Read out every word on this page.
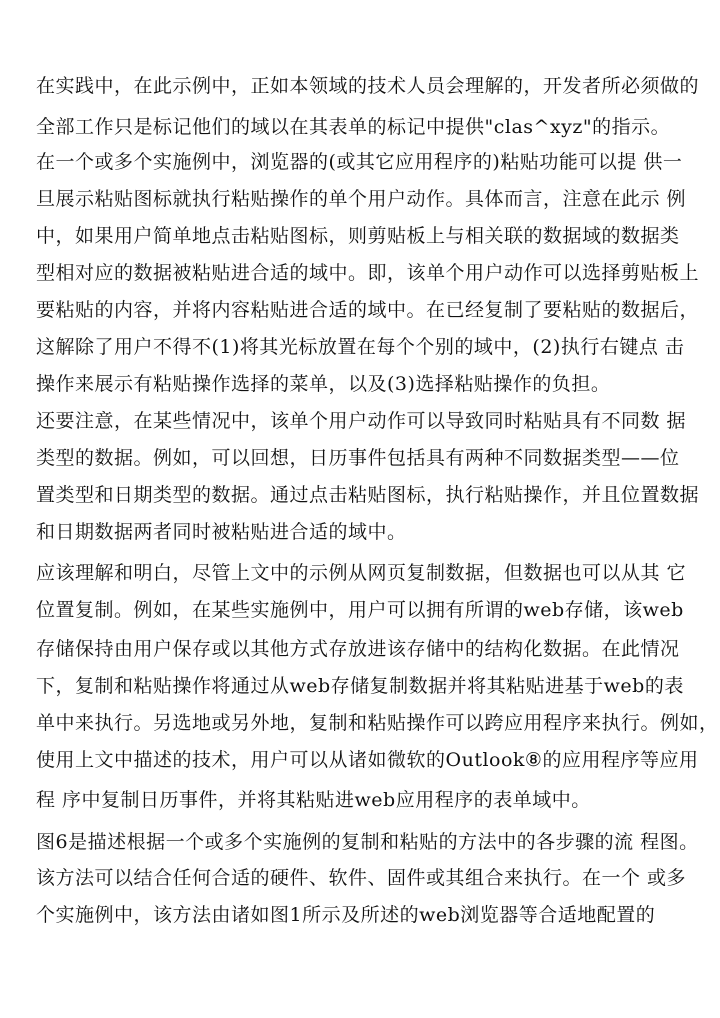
在实践中，在此示例中，正如本领域的技术人员会理解的，开发者所必须做的
全部工作只是标记他们的域以在其表单的标记中提供"clas^xyz"的指示。
在一个或多个实施例中，浏览器的(或其它应用程序的)粘贴功能可以提 供一
旦展示粘贴图标就执行粘贴操作的单个用户动作。具体而言，注意在此示 例
中，如果用户简单地点击粘贴图标，则剪贴板上与相关联的数据域的数据类
型相对应的数据被粘贴进合适的域中。即，该单个用户动作可以选择剪贴板上
要粘贴的内容，并将内容粘贴进合适的域中。在已经复制了要粘贴的数据后，
这解除了用户不得不(1)将其光标放置在每个个别的域中，(2)执行右键点 击
操作来展示有粘贴操作选择的菜单，以及(3)选择粘贴操作的负担。
还要注意，在某些情况中，该单个用户动作可以导致同时粘贴具有不同数 据
类型的数据。例如，可以回想，日历事件包括具有两种不同数据类型——位
置类型和日期类型的数据。通过点击粘贴图标，执行粘贴操作，并且位置数据
和日期数据两者同时被粘贴进合适的域中。
应该理解和明白，尽管上文中的示例从网页复制数据，但数据也可以从其 它
位置复制。例如，在某些实施例中，用户可以拥有所谓的web存储，该web
存储保持由用户保存或以其他方式存放进该存储中的结构化数据。在此情况
下，复制和粘贴操作将通过从web存储复制数据并将其粘贴进基于web的表
单中来执行。另选地或另外地，复制和粘贴操作可以跨应用程序来执行。例如，
使用上文中描述的技术，用户可以从诸如微软的Outlook⑧的应用程序等应用
程 序中复制日历事件，并将其粘贴进web应用程序的表单域中。
图6是描述根据一个或多个实施例的复制和粘贴的方法中的各步骤的流 程图。
该方法可以结合任何合适的硬件、软件、固件或其组合来执行。在一个 或多
个实施例中，该方法由诸如图1所示及所述的web浏览器等合适地配置的
